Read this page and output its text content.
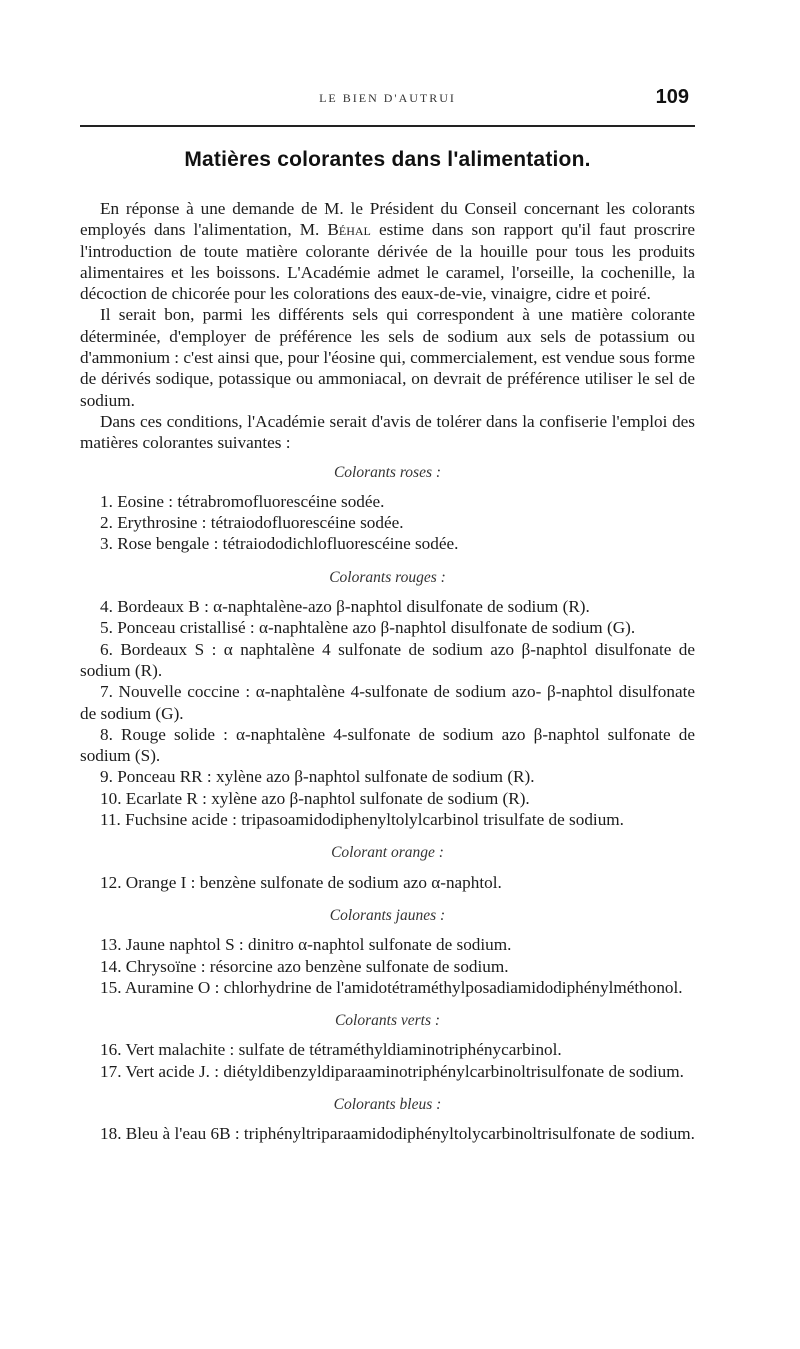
LE BIEN D'AUTRUI	109
Matières colorantes dans l'alimentation.

En réponse à une demande de M. le Président du Conseil concernant les colorants employés dans l'alimentation, M. Béhal estime dans son rapport qu'il faut proscrire l'introduction de toute matière colorante dérivée de la houille pour tous les produits alimentaires et les boissons. L'Académie admet le caramel, l'orseille, la cochenille, la décoction de chicorée pour les colorations des eaux-de-vie, vinaigre, cidre et poiré.

Il serait bon, parmi les différents sels qui correspondent à une matière colorante déterminée, d'employer de préférence les sels de sodium aux sels de potassium ou d'ammonium : c'est ainsi que, pour l'éosine qui, commercialement, est vendue sous forme de dérivés sodique, potassique ou ammoniacal, on devrait de préférence utiliser le sel de sodium.

Dans ces conditions, l'Académie serait d'avis de tolérer dans la confiserie l'emploi des matières colorantes suivantes :

Colorants roses :

1. Eosine : tétrabromofluorescéine sodée.

2. Erythrosine : tétraiodofluorescéine sodée.

3. Rose bengale : tétraiododichlofluorescéine sodée.

Colorants rouges :

4. Bordeaux B : α-naphtalène-azo β-naphtol disulfonate de sodium (R).

5. Ponceau cristallisé : α-naphtalène azo β-naphtol disulfonate de sodium (G).

6. Bordeaux S : α naphtalène 4 sulfonate de sodium azo β-naphtol disulfonate de sodium (R).

7. Nouvelle coccine : α-naphtalène 4-sulfonate de sodium azo- β-naphtol disulfonate de sodium (G).

8. Rouge solide : α-naphtalène 4-sulfonate de sodium azo β-naphtol sulfonate de sodium (S).

9. Ponceau RR : xylène azo β-naphtol sulfonate de sodium (R).

10. Ecarlate R : xylène azo β-naphtol sulfonate de sodium (R).

11. Fuchsine acide : tripasoamidodiphenyltolylcarbinol trisulfate de sodium.

Colorant orange :

12. Orange I : benzène sulfonate de sodium azo α-naphtol.

Colorants jaunes :

13. Jaune naphtol S : dinitro α-naphtol sulfonate de sodium.

14. Chrysoïne : résorcine azo benzène sulfonate de sodium.

15. Auramine O : chlorhydrine de l'amidotétraméthylposadiamidodiphénylméthonol.

Colorants verts :

16. Vert malachite : sulfate de tétraméthyldiaminotriphénycarbinol.

17. Vert acide J. : diétyldibenzyldiparaaminotriphénylcarbinoltrisulfonate de sodium.

Colorants bleus :

18. Bleu à l'eau 6B : triphényltriparaamidodiphényltolycarbinoltrisulfonate de sodium.
